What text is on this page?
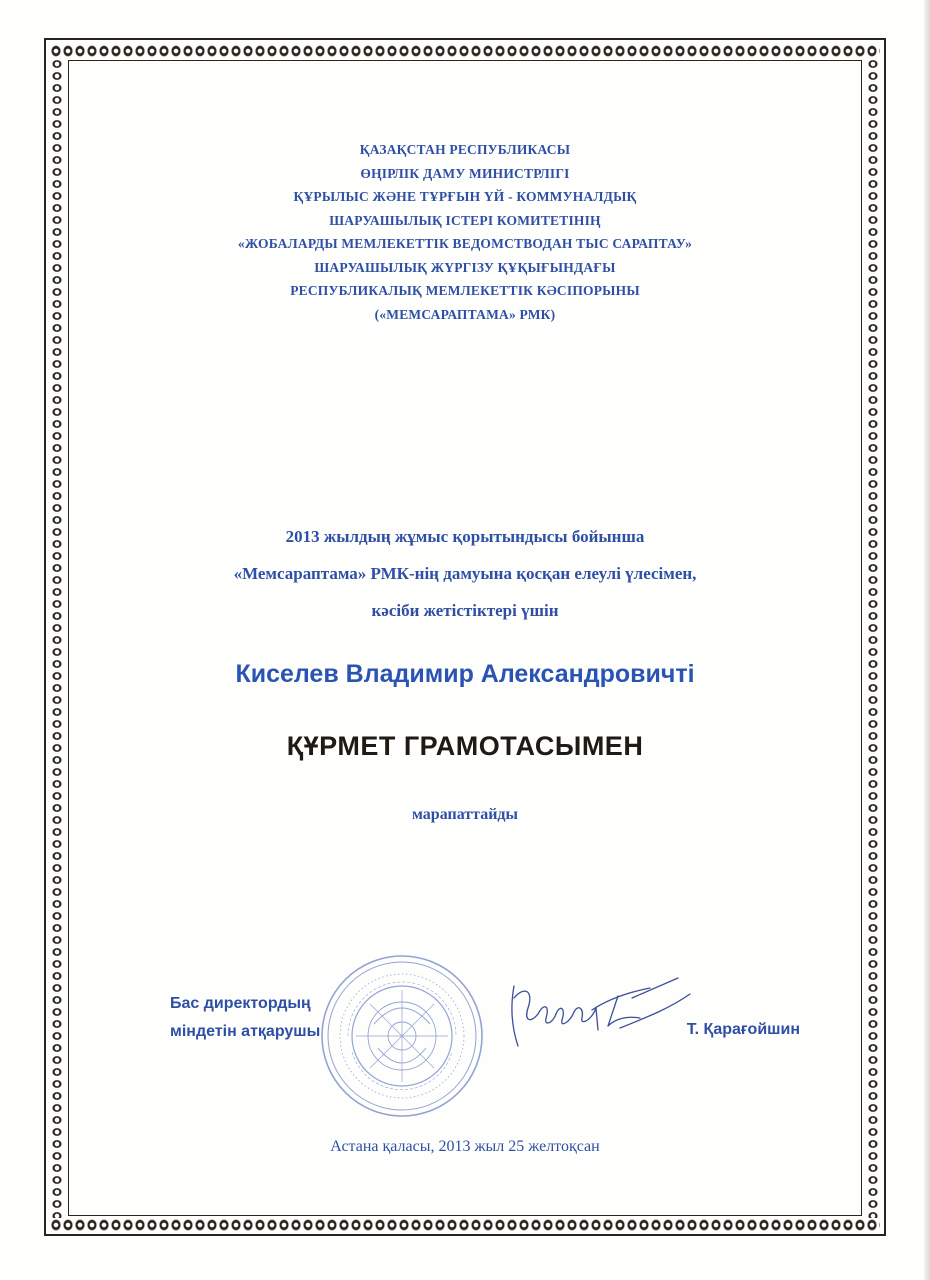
ҚАЗАҚСТАН РЕСПУБЛИКАСЫ
ӨҢІРЛІК ДАМУ МИНИСТРЛІГІ
ҚҰРЫЛЫС ЖӘНЕ ТҰРҒЫН ҮЙ - КОММУНАЛДЫҚ
ШАРУАШЫЛЫҚ ІСТЕРІ КОМИТЕТІНІҢ
«ЖОБАЛАРДЫ МЕМЛЕКЕТТІК ВЕДОМСТВОДАН ТЫС САРАПТАУ»
ШАРУАШЫЛЫҚ ЖҮРГІЗУ ҚҰҚЫҒЫНДАҒЫ
РЕСПУБЛИКАЛЫҚ МЕМЛЕКЕТТІК КӘСІПОРЫНЫ
(«МЕМСАРАПТАМА» РМК)
2013 жылдың жұмыс қорытындысы бойынша
«Мемсараптама» РМК-нің дамуына қосқан елеулі үлесімен,
кәсіби жетістіктері үшін
Киселев Владимир Александровичті
ҚҰРМЕТ ГРАМОТАСЫМЕН
марапаттайды
Бас директордың
міндетін атқарушы	Т. Қарағойшин
Астана қаласы, 2013 жыл 25 желтоқсан
